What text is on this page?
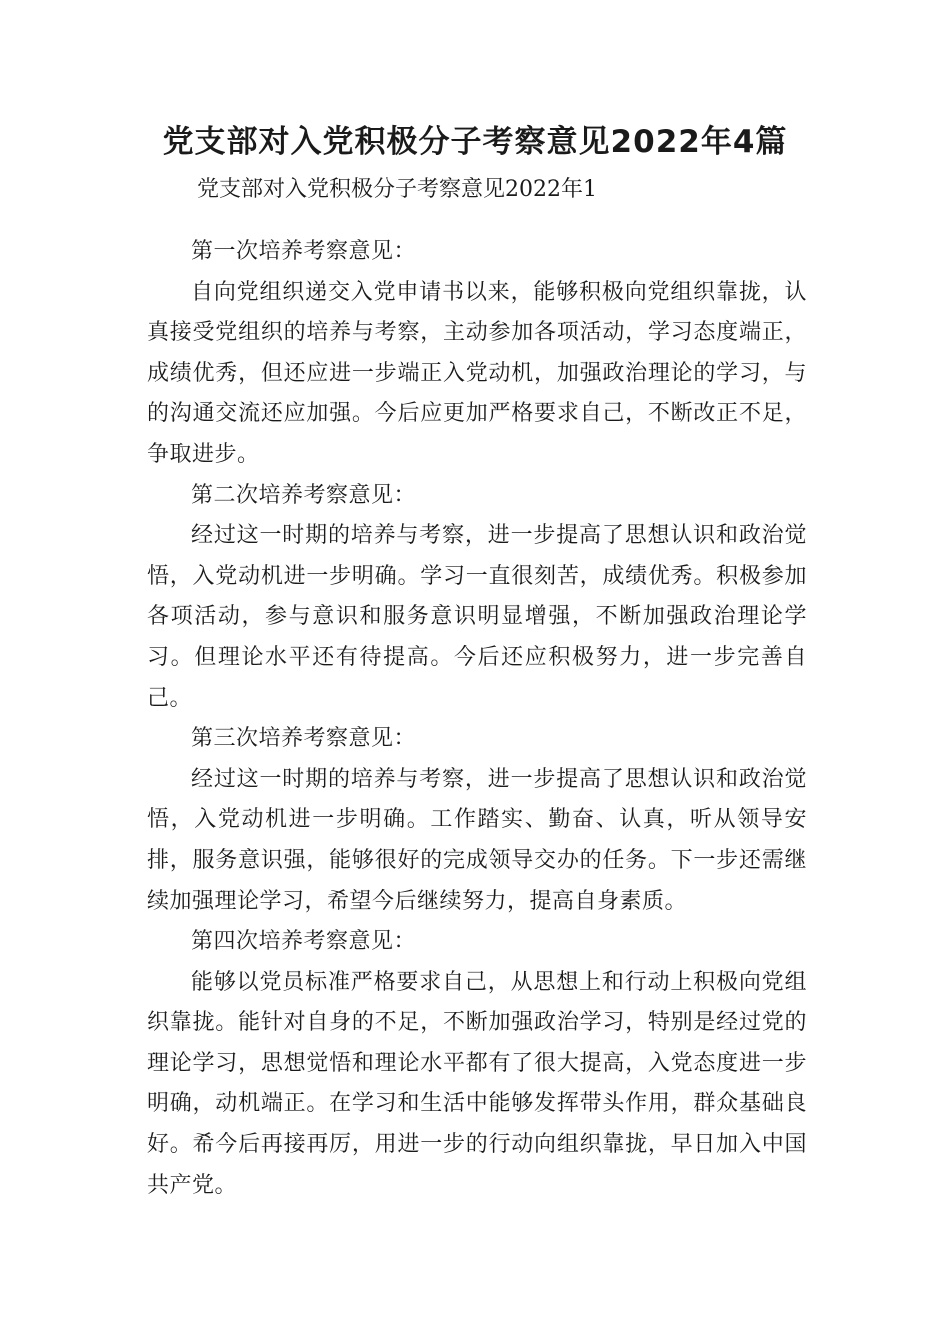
党支部对入党积极分子考察意见2022年4篇

党支部对入党积极分子考察意见2022年1

第一次培养考察意见：

自向党组织递交入党申请书以来，能够积极向党组织靠拢，认真接受党组织的培养与考察，主动参加各项活动，学习态度端正，成绩优秀，但还应进一步端正入党动机，加强政治理论的学习，与的沟通交流还应加强。今后应更加严格要求自己，不断改正不足，争取进步。

第二次培养考察意见：

经过这一时期的培养与考察，进一步提高了思想认识和政治觉悟，入党动机进一步明确。学习一直很刻苦，成绩优秀。积极参加各项活动，参与意识和服务意识明显增强，不断加强政治理论学习。但理论水平还有待提高。今后还应积极努力，进一步完善自己。

第三次培养考察意见：

经过这一时期的培养与考察，进一步提高了思想认识和政治觉悟，入党动机进一步明确。工作踏实、勤奋、认真，听从领导安排，服务意识强，能够很好的完成领导交办的任务。下一步还需继续加强理论学习，希望今后继续努力，提高自身素质。

第四次培养考察意见：

能够以党员标准严格要求自己，从思想上和行动上积极向党组织靠拢。能针对自身的不足，不断加强政治学习，特别是经过党的理论学习，思想觉悟和理论水平都有了很大提高，入党态度进一步明确，动机端正。在学习和生活中能够发挥带头作用，群众基础良好。希今后再接再厉，用进一步的行动向组织靠拢，早日加入中国共产党。
